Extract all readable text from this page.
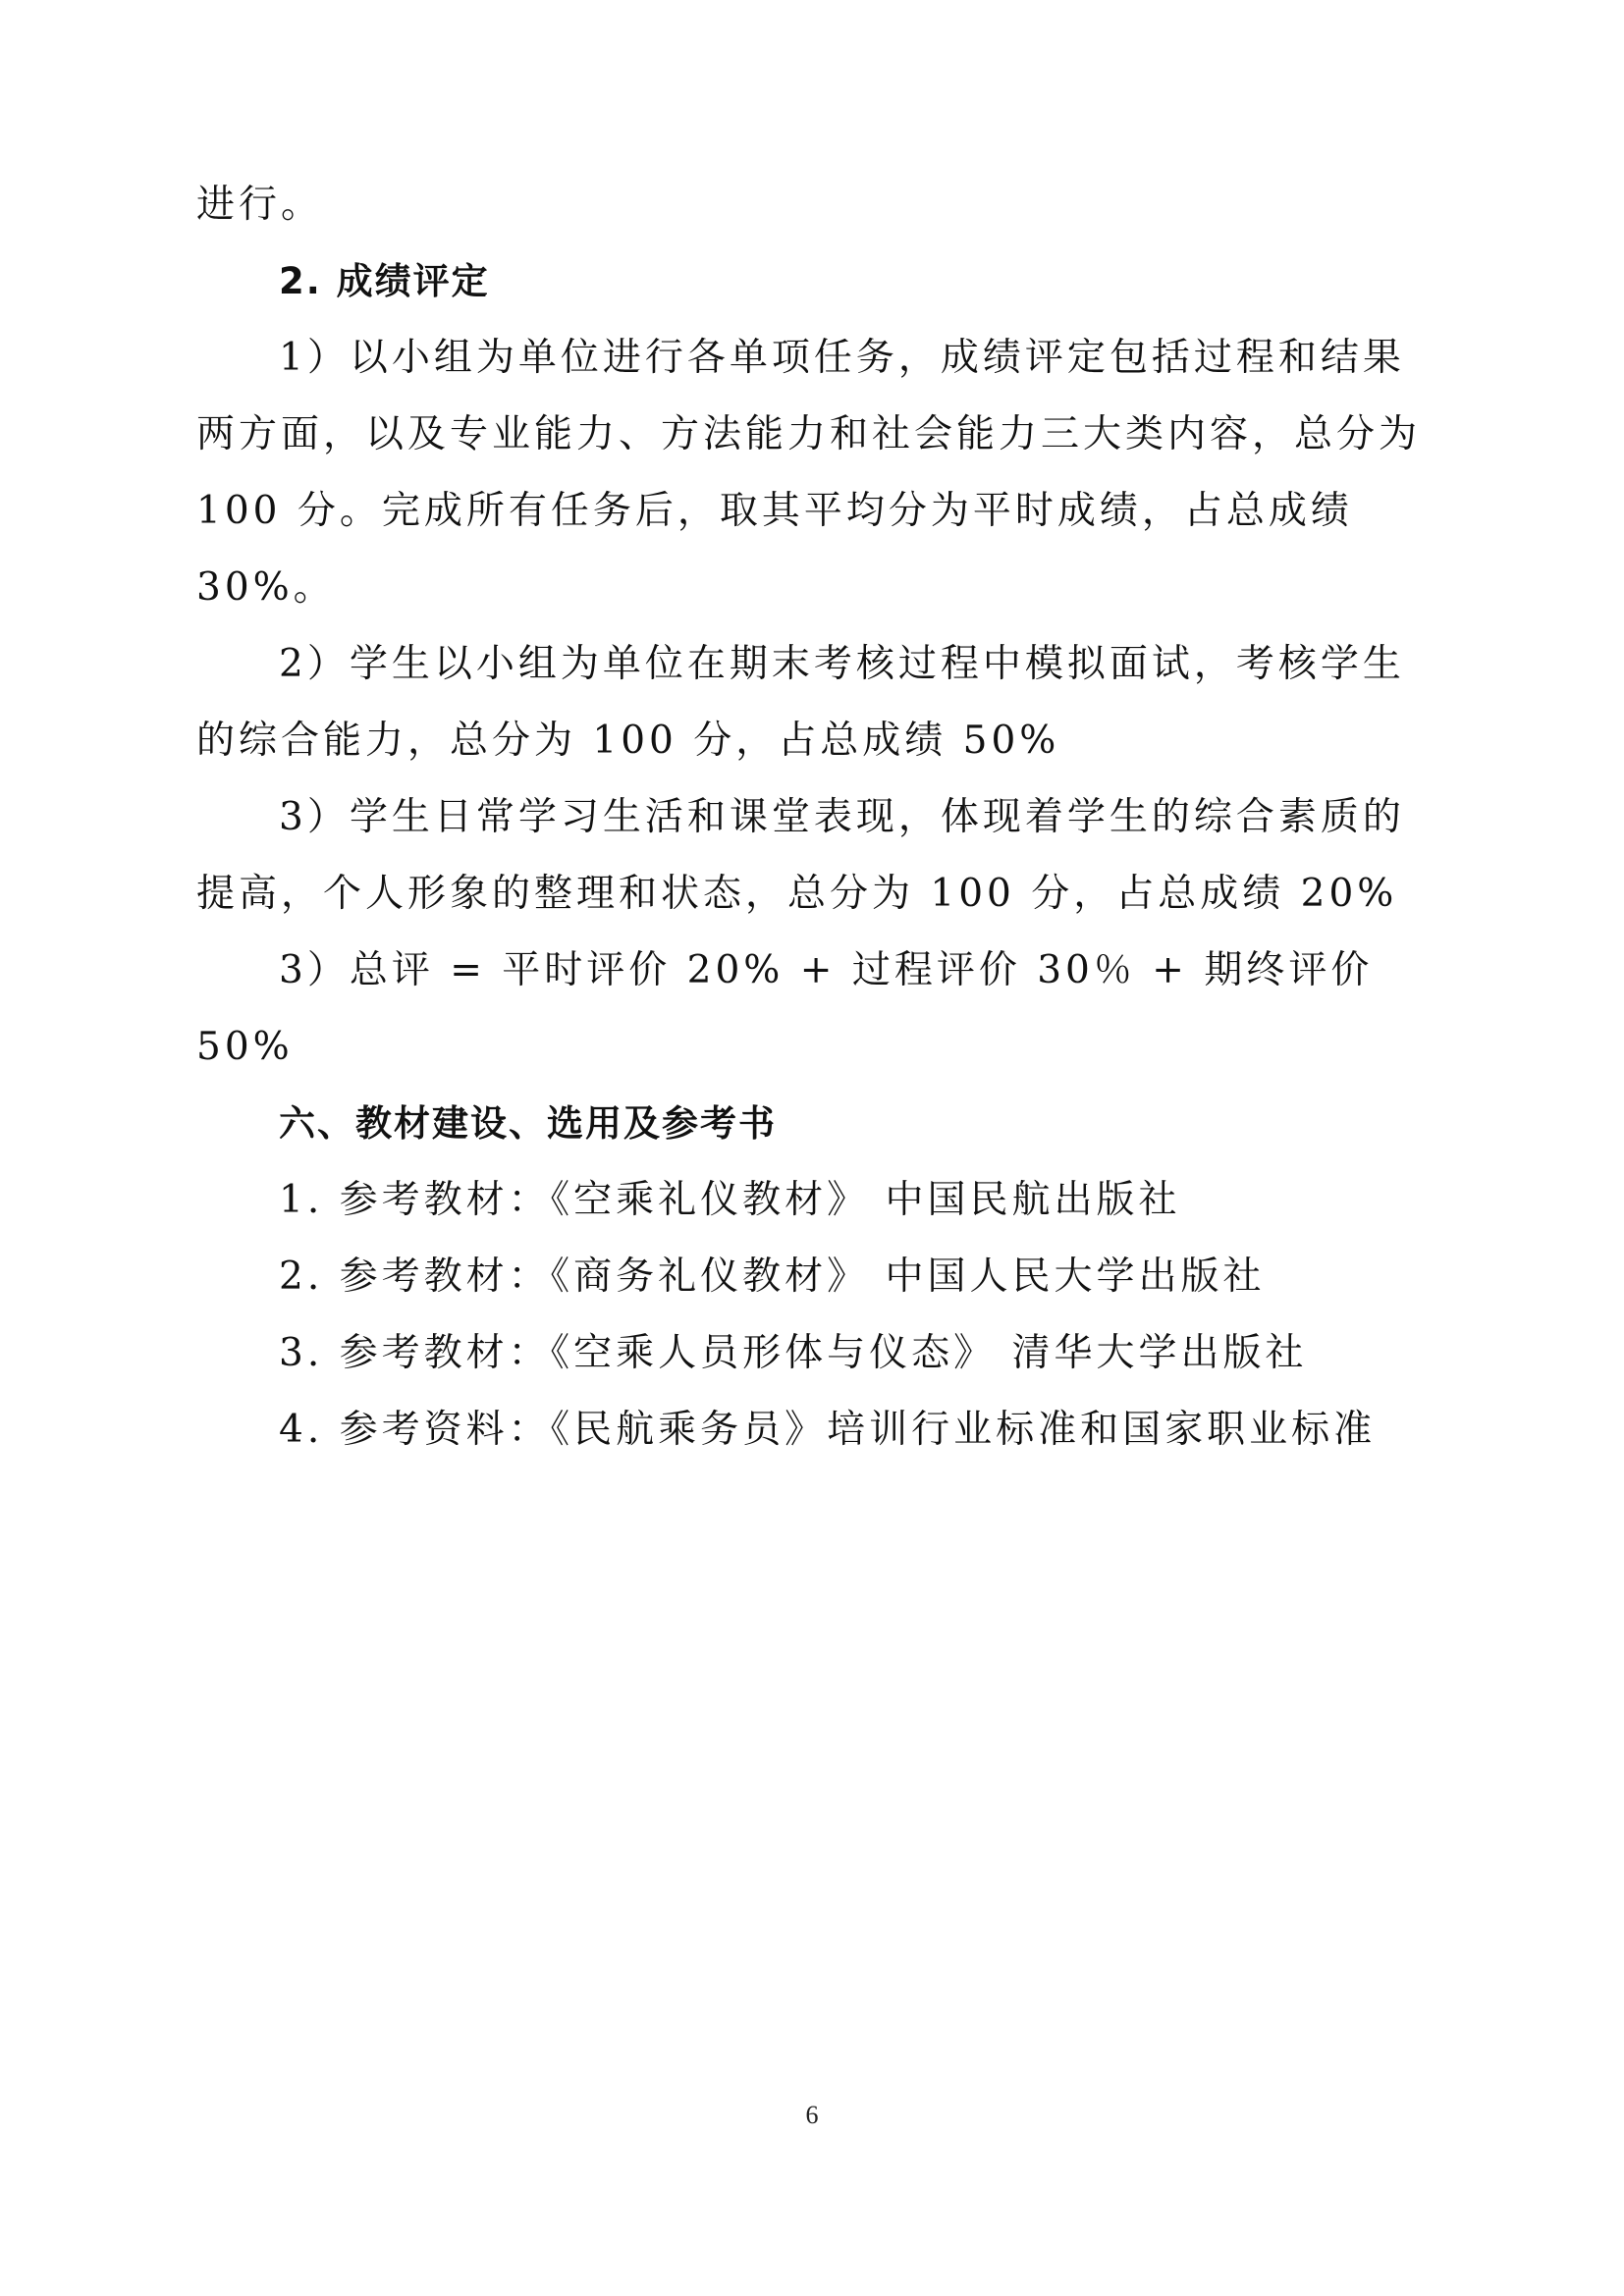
进行。

2. 成绩评定

1）以小组为单位进行各单项任务，成绩评定包括过程和结果两方面，以及专业能力、方法能力和社会能力三大类内容，总分为 100 分。完成所有任务后，取其平均分为平时成绩，占总成绩 30%。

2）学生以小组为单位在期末考核过程中模拟面试，考核学生的综合能力，总分为 100 分，占总成绩 50%

3）学生日常学习生活和课堂表现，体现着学生的综合素质的提高，个人形象的整理和状态，总分为 100 分，占总成绩 20%

3）总评 = 平时评价 20% + 过程评价 30％ + 期终评价 50%

六、教材建设、选用及参考书

1. 参考教材：《空乘礼仪教材》 中国民航出版社

2. 参考教材：《商务礼仪教材》 中国人民大学出版社

3. 参考教材：《空乘人员形体与仪态》 清华大学出版社

4. 参考资料：《民航乘务员》培训行业标准和国家职业标准

6
